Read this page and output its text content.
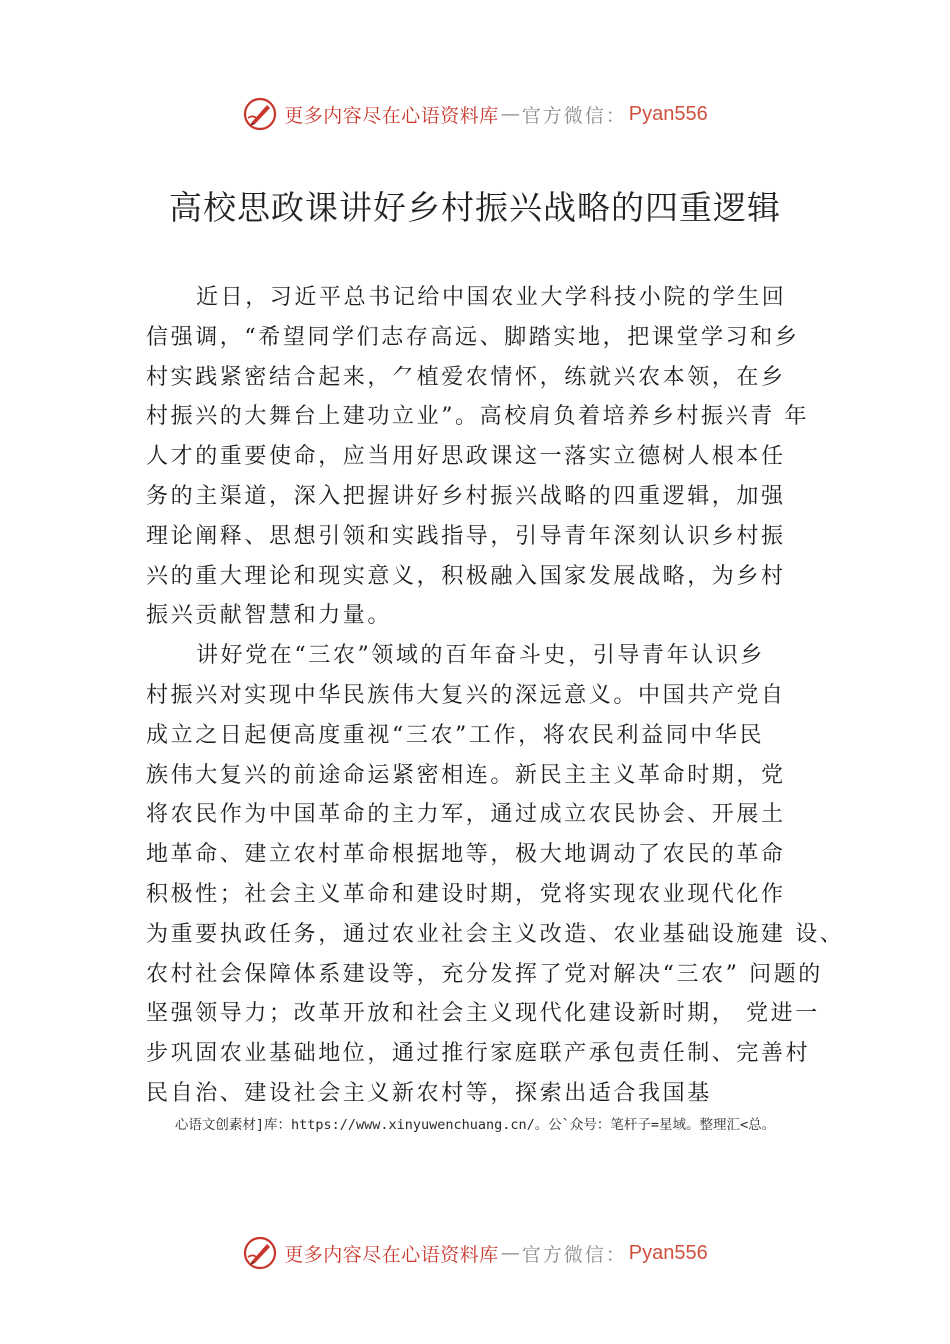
更多内容尽在心语资料库 — 官方微信： Pyan556
高校思政课讲好乡村振兴战略的四重逻辑
近日，习近平总书记给中国农业大学科技小院的学生回
信强调，“希望同学们志存高远、脚踏实地，把课堂学习和乡
村实践紧密结合起来，⺈植爱农情怀，练就兴农本领，在乡
村振兴的大舞台上建功立业”。高校肩负着培养乡村振兴青 年
人才的重要使命，应当用好思政课这一落实立德树人根本任
务的主渠道，深入把握讲好乡村振兴战略的四重逻辑，加强
理论阐释、思想引领和实践指导，引导青年深刻认识乡村振
兴的重大理论和现实意义，积极融入国家发展战略，为乡村
振兴贡献智慧和力量。
讲好党在“三农”领域的百年奋斗史，引导青年认识乡
村振兴对实现中华民族伟大复兴的深远意义。中国共产党自
成立之日起便高度重视“三农”工作，将农民利益同中华民
族伟大复兴的前途命运紧密相连。新民主主义革命时期，党
将农民作为中国革命的主力军，通过成立农民协会、开展土
地革命、建立农村革命根据地等，极大地调动了农民的革命
积极性；社会主义革命和建设时期，党将实现农业现代化作
为重要执政任务，通过农业社会主义改造、农业基础设施建 设、
农村社会保障体系建设等，充分发挥了党对解决“三农” 问题的
坚强领导力；改革开放和社会主义现代化建设新时期， 党进一
步巩固农业基础地位，通过推行家庭联产承包责任制、完善村
民自治、建设社会主义新农村等，探索出适合我国基
心语文创素材]库：https://www.xinyuwenchuang.cn/。公`众号：笔杆子=星域。整理汇<总。
更多内容尽在心语资料库 — 官方微信： Pyan556
